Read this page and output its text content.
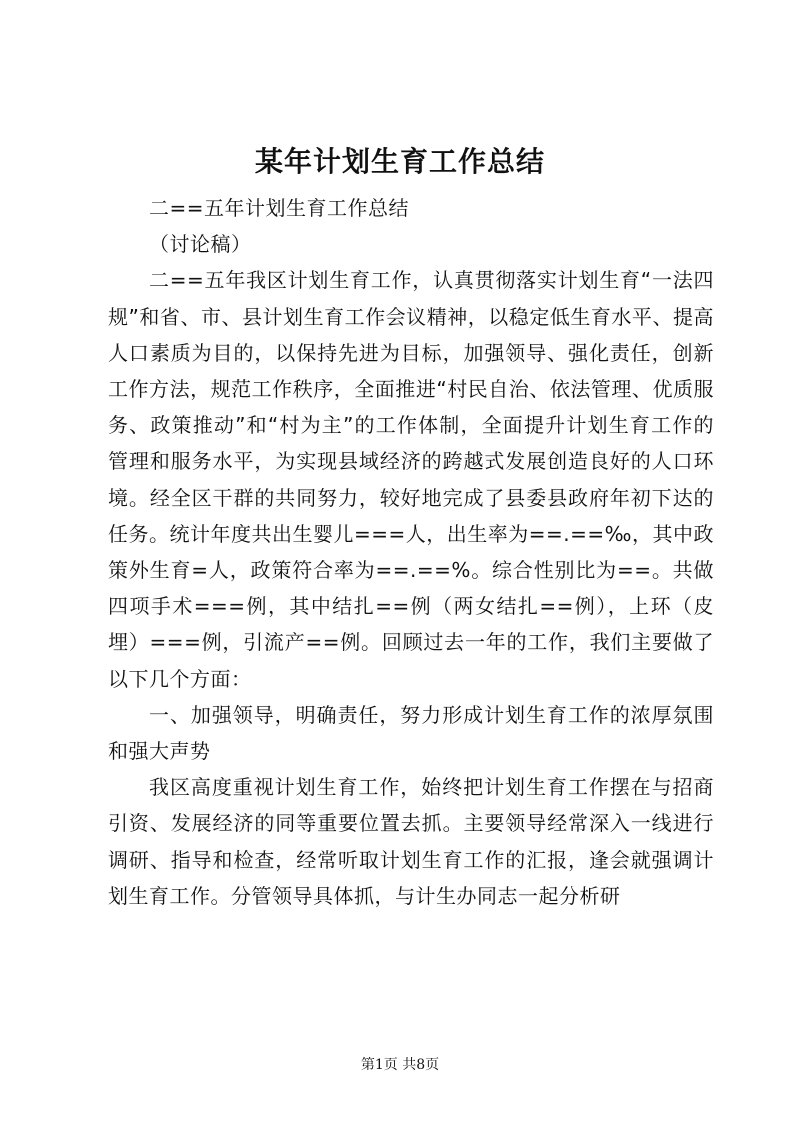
某年计划生育工作总结

二==五年计划生育工作总结

（讨论稿）

二==五年我区计划生育工作，认真贯彻落实计划生育“一法四规”和省、市、县计划生育工作会议精神，以稳定低生育水平、提高人口素质为目的，以保持先进为目标，加强领导、强化责任，创新工作方法，规范工作秩序，全面推进“村民自治、依法管理、优质服务、政策推动”和“村为主”的工作体制，全面提升计划生育工作的管理和服务水平，为实现县域经济的跨越式发展创造良好的人口环境。经全区干群的共同努力，较好地完成了县委县政府年初下达的任务。统计年度共出生婴儿===人，出生率为==.==‰，其中政策外生育=人，政策符合率为==.==%。综合性别比为==。共做四项手术===例，其中结扎==例（两女结扎==例），上环（皮埋）===例，引流产==例。回顾过去一年的工作，我们主要做了以下几个方面：

一、加强领导，明确责任，努力形成计划生育工作的浓厚氛围和强大声势

我区高度重视计划生育工作，始终把计划生育工作摆在与招商引资、发展经济的同等重要位置去抓。主要领导经常深入一线进行调研、指导和检查，经常听取计划生育工作的汇报，逢会就强调计划生育工作。分管领导具体抓，与计生办同志一起分析研

第1页 共8页
